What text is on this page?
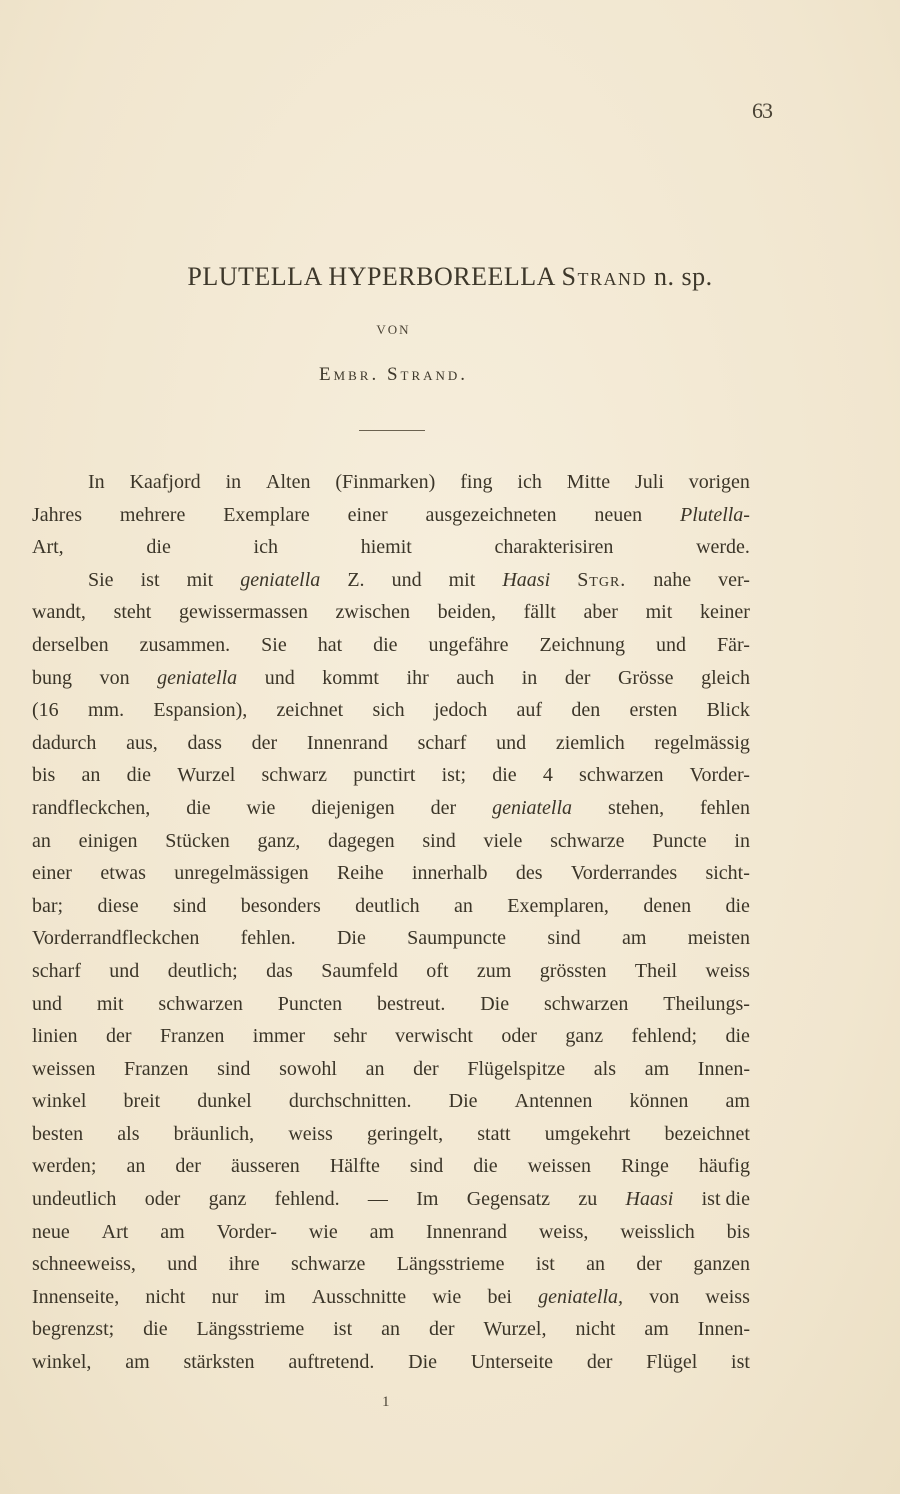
63
PLUTELLA HYPERBOREELLA Strand n. sp.
VON
Embr. Strand.
In Kaafjord in Alten (Finmarken) fing ich Mitte Juli vorigen
Jahres mehrere Exemplare einer ausgezeichneten neuen Plutella-
Art,	die	ich	hiemit	charakterisiren	werde.
Sie ist mit geniatella Z. und mit Haasi Stgr. nahe ver-
wandt, steht gewissermassen zwischen beiden, fällt aber mit keiner
derselben zusammen. Sie hat die ungefähre Zeichnung und Fär-
bung von geniatella und kommt ihr auch in der Grösse gleich
(16 mm. Espansion), zeichnet sich jedoch auf den ersten Blick
dadurch aus, dass der Innenrand scharf und ziemlich regelmässig
bis an die Wurzel schwarz punctirt ist; die 4 schwarzen Vorder-
randfleckchen, die wie diejenigen der geniatella stehen, fehlen
an einigen Stücken ganz, dagegen sind viele schwarze Puncte in
einer etwas unregelmässigen Reihe innerhalb des Vorderrandes sicht-
bar; diese sind besonders deutlich an Exemplaren, denen die
Vorderrandfleckchen fehlen. Die Saumpuncte sind am meisten
scharf und deutlich; das Saumfeld oft zum grössten Theil weiss
und mit schwarzen Puncten bestreut. Die schwarzen Theilungs-
linien der Franzen immer sehr verwischt oder ganz fehlend; die
weissen Franzen sind sowohl an der Flügelspitze als am Innen-
winkel breit dunkel durchschnitten. Die Antennen können am
besten als bräunlich, weiss geringelt, statt umgekehrt bezeichnet
werden; an der äusseren Hälfte sind die weissen Ringe häufig
undeutlich oder ganz fehlend. — Im Gegensatz zu Haasi ist die
neue Art am Vorder- wie am Innenrand weiss, weisslich bis
schneeweiss, und ihre schwarze Längsstrieme ist an der ganzen
Innenseite, nicht nur im Ausschnitte wie bei geniatella, von weiss
begrenzst; die Längsstrieme ist an der Wurzel, nicht am Innen-
winkel, am stärksten auftretend. Die Unterseite der Flügel ist
1
